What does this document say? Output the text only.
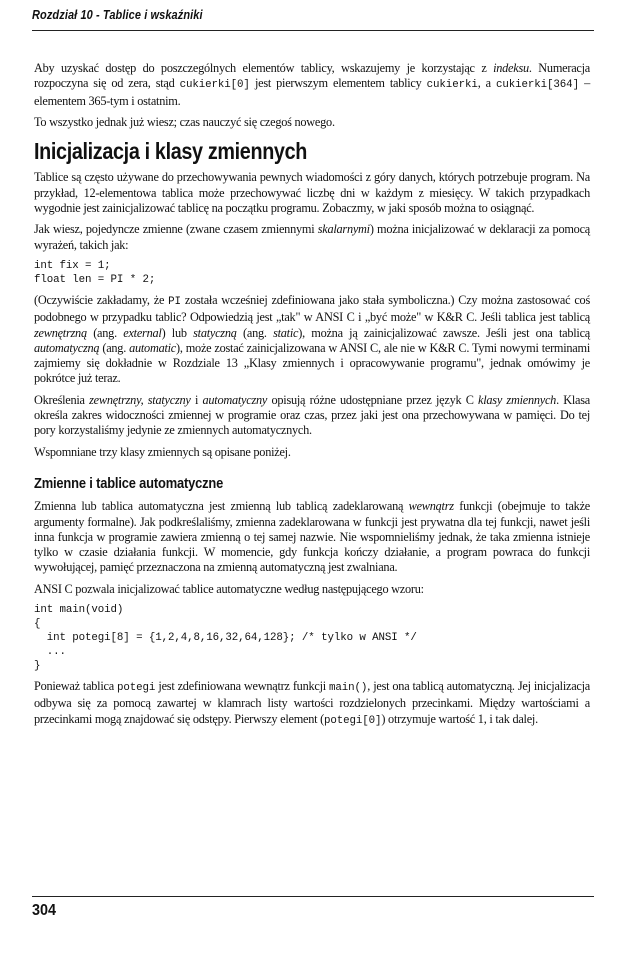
Rozdział 10 - Tablice i wskaźniki

Aby uzyskać dostęp do poszczególnych elementów tablicy, wskazujemy je korzystając z indeksu. Numeracja rozpoczyna się od zera, stąd cukierki[0] jest pierwszym elementem tablicy cukierki, a cukierki[364] – elementem 365-tym i ostatnim.

To wszystko jednak już wiesz; czas nauczyć się czegoś nowego.

Inicjalizacja i klasy zmiennych

Tablice są często używane do przechowywania pewnych wiadomości z góry danych, których potrzebuje program. Na przykład, 12-elementowa tablica może przechowywać liczbę dni w każdym z miesięcy. W takich przypadkach wygodnie jest zainicjalizować tablicę na początku programu. Zobaczmy, w jaki sposób można to osiągnąć.

Jak wiesz, pojedyncze zmienne (zwane czasem zmiennymi skalarnymi) można inicjalizować w deklaracji za pomocą wyrażeń, takich jak:

int fix = 1;
float len = PI * 2;

(Oczywiście zakładamy, że PI została wcześniej zdefiniowana jako stała symboliczna.) Czy można zastosować coś podobnego w przypadku tablic? Odpowiedzią jest „tak" w ANSI C i „być może" w K&R C. Jeśli tablica jest tablicą zewnętrzną (ang. external) lub statyczną (ang. static), można ją zainicjalizować zawsze. Jeśli jest ona tablicą automatyczną (ang. automatic), może zostać zainicjalizowana w ANSI C, ale nie w K&R C. Tymi nowymi terminami zajmiemy się dokładnie w Rozdziale 13 „Klasy zmiennych i opracowywanie programu", jednak omówimy je pokrótce już teraz.

Określenia zewnętrzny, statyczny i automatyczny opisują różne udostępniane przez język C klasy zmiennych. Klasa określa zakres widoczności zmiennej w programie oraz czas, przez jaki jest ona przechowywana w pamięci. Do tej pory korzystaliśmy jedynie ze zmiennych automatycznych.

Wspomniane trzy klasy zmiennych są opisane poniżej.

Zmienne i tablice automatyczne

Zmienna lub tablica automatyczna jest zmienną lub tablicą zadeklarowaną wewnątrz funkcji (obejmuje to także argumenty formalne). Jak podkreślaliśmy, zmienna zadeklarowana w funkcji jest prywatna dla tej funkcji, nawet jeśli inna funkcja w programie zawiera zmienną o tej samej nazwie. Nie wspomnieliśmy jednak, że taka zmienna istnieje tylko w czasie działania funkcji. W momencie, gdy funkcja kończy działanie, a program powraca do funkcji wywołującej, pamięć przeznaczona na zmienną automatyczną jest zwalniana.

ANSI C pozwala inicjalizować tablice automatyczne według następującego wzoru:

int main(void)
{
int potegi[8] = {1,2,4,8,16,32,64,128}; /* tylko w ANSI */
...
}

Ponieważ tablica potegi jest zdefiniowana wewnątrz funkcji main(), jest ona tablicą automatyczną. Jej inicjalizacja odbywa się za pomocą zawartej w klamrach listy wartości rozdzielonych przecinkami. Między wartościami a przecinkami mogą znajdować się odstępy. Pierwszy element (potegi[0]) otrzymuje wartość 1, i tak dalej.

304
